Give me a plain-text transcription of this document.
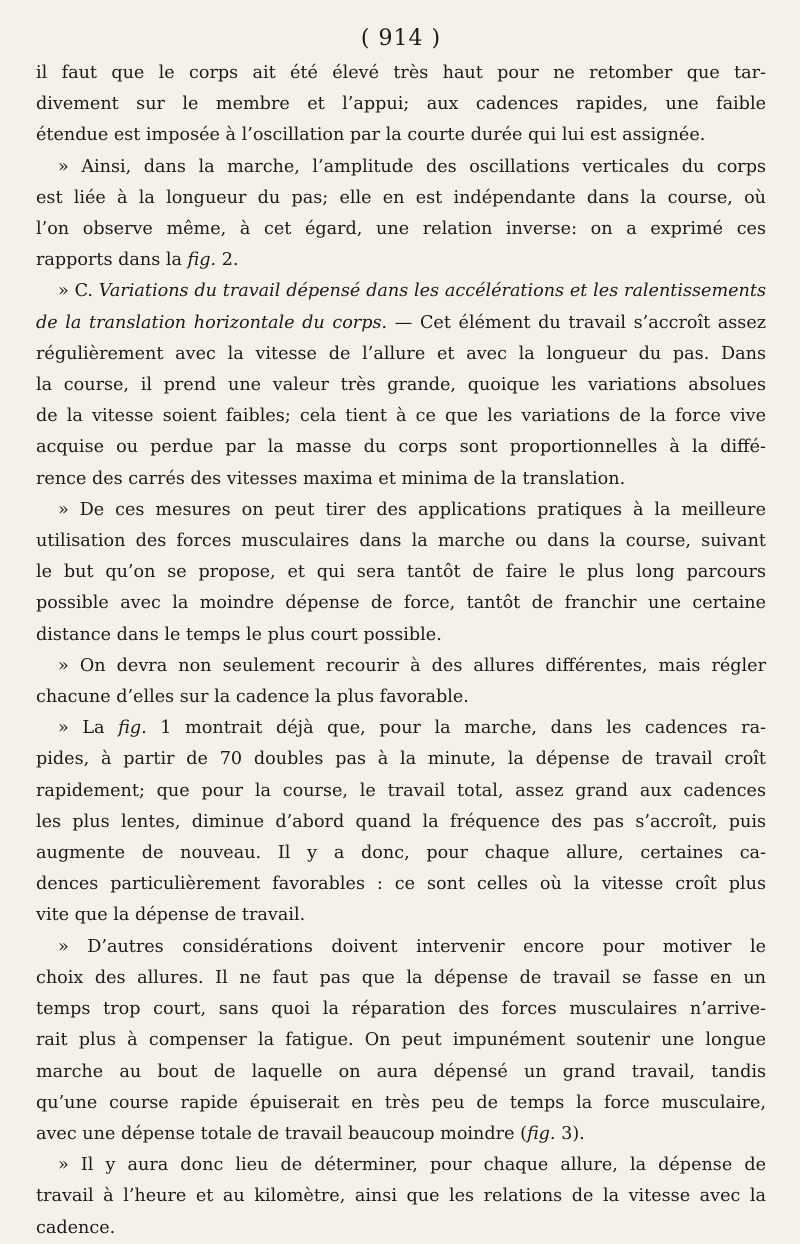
( 914 )
il faut que le corps ait été élevé très haut pour ne retomber que tar-
divement sur le membre et l’appui; aux cadences rapides, une faible
étendue est imposée à l’oscillation par la courte durée qui lui est assignée.
» Ainsi, dans la marche, l’amplitude des oscillations verticales du corps
est liée à la longueur du pas; elle en est indépendante dans la course, où
l’on observe même, à cet égard, une relation inverse: on a exprimé ces
rapports dans la fig. 2.
» C. Variations du travail dépensé dans les accélérations et les ralentissements
de la translation horizontale du corps. — Cet élément du travail s’accroît assez
régulièrement avec la vitesse de l’allure et avec la longueur du pas. Dans
la course, il prend une valeur très grande, quoique les variations absolues
de la vitesse soient faibles; cela tient à ce que les variations de la force vive
acquise ou perdue par la masse du corps sont proportionnelles à la diffé-
rence des carrés des vitesses maxima et minima de la translation.
» De ces mesures on peut tirer des applications pratiques à la meilleure
utilisation des forces musculaires dans la marche ou dans la course, suivant
le but qu’on se propose, et qui sera tantôt de faire le plus long parcours
possible avec la moindre dépense de force, tantôt de franchir une certaine
distance dans le temps le plus court possible.
» On devra non seulement recourir à des allures différentes, mais régler
chacune d’elles sur la cadence la plus favorable.
» La fig. 1 montrait déjà que, pour la marche, dans les cadences ra-
pides, à partir de 70 doubles pas à la minute, la dépense de travail croît
rapidement; que pour la course, le travail total, assez grand aux cadences
les plus lentes, diminue d’abord quand la fréquence des pas s’accroît, puis
augmente de nouveau. Il y a donc, pour chaque allure, certaines ca-
dences particulièrement favorables : ce sont celles où la vitesse croît plus
vite que la dépense de travail.
» D’autres considérations doivent intervenir encore pour motiver le
choix des allures. Il ne faut pas que la dépense de travail se fasse en un
temps trop court, sans quoi la réparation des forces musculaires n’arrive-
rait plus à compenser la fatigue. On peut impunément soutenir une longue
marche au bout de laquelle on aura dépensé un grand travail, tandis
qu’une course rapide épuiserait en très peu de temps la force musculaire,
avec une dépense totale de travail beaucoup moindre (fig. 3).
» Il y aura donc lieu de déterminer, pour chaque allure, la dépense de
travail à l’heure et au kilomètre, ainsi que les relations de la vitesse avec la
cadence.
